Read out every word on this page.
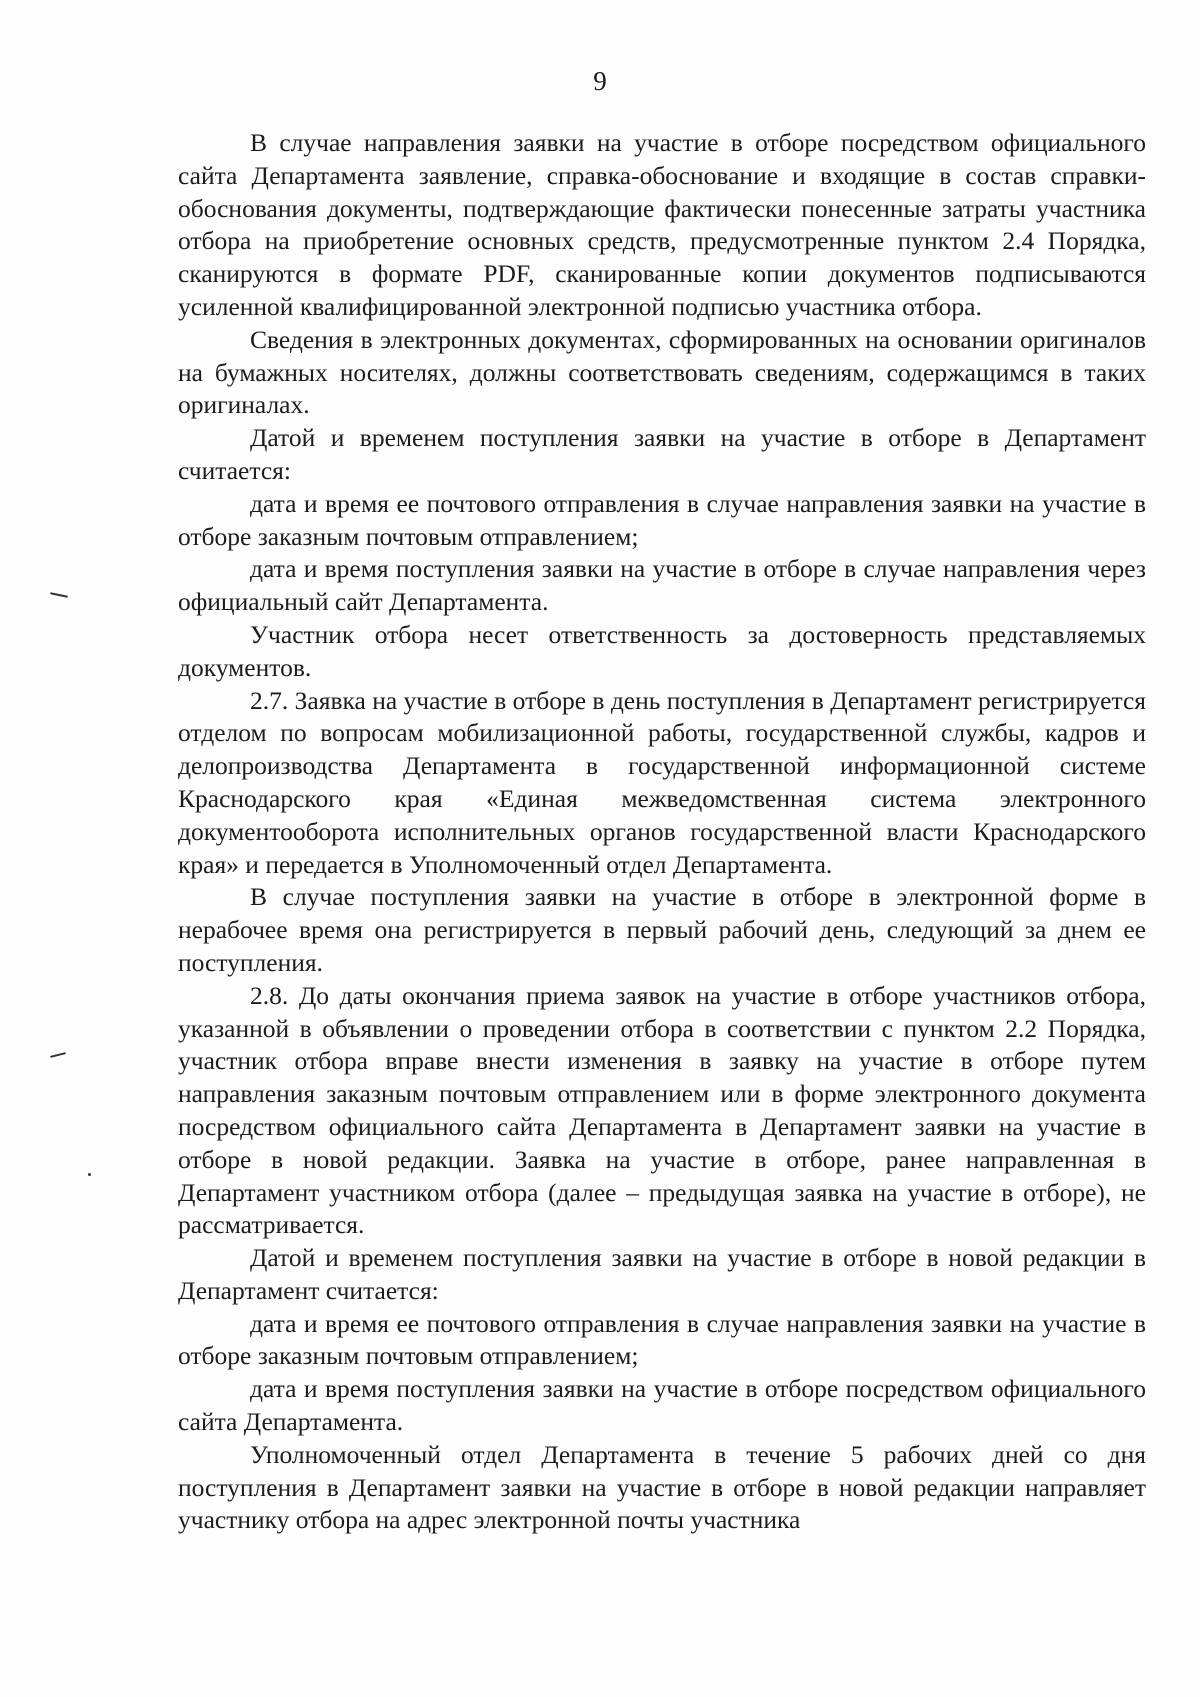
9

В случае направления заявки на участие в отборе посредством официального сайта Департамента заявление, справка-обоснование и входящие в состав справки-обоснования документы, подтверждающие фактически понесенные затраты участника отбора на приобретение основных средств, предусмотренные пунктом 2.4 Порядка, сканируются в формате PDF, сканированные копии документов подписываются усиленной квалифицированной электронной подписью участника отбора.

Сведения в электронных документах, сформированных на основании оригиналов на бумажных носителях, должны соответствовать сведениям, содержащимся в таких оригиналах.

Датой и временем поступления заявки на участие в отборе в Департамент считается:

дата и время ее почтового отправления в случае направления заявки на участие в отборе заказным почтовым отправлением;

дата и время поступления заявки на участие в отборе в случае направления через официальный сайт Департамента.

Участник отбора несет ответственность за достоверность представляемых документов.

2.7. Заявка на участие в отборе в день поступления в Департамент регистрируется отделом по вопросам мобилизационной работы, государственной службы, кадров и делопроизводства Департамента в государственной информационной системе Краснодарского края «Единая межведомственная система электронного документооборота исполнительных органов государственной власти Краснодарского края» и передается в Уполномоченный отдел Департамента.

В случае поступления заявки на участие в отборе в электронной форме в нерабочее время она регистрируется в первый рабочий день, следующий за днем ее поступления.

2.8. До даты окончания приема заявок на участие в отборе участников отбора, указанной в объявлении о проведении отбора в соответствии с пунктом 2.2 Порядка, участник отбора вправе внести изменения в заявку на участие в отборе путем направления заказным почтовым отправлением или в форме электронного документа посредством официального сайта Департамента в Департамент заявки на участие в отборе в новой редакции. Заявка на участие в отборе, ранее направленная в Департамент участником отбора (далее – предыдущая заявка на участие в отборе), не рассматривается.

Датой и временем поступления заявки на участие в отборе в новой редакции в Департамент считается:

дата и время ее почтового отправления в случае направления заявки на участие в отборе заказным почтовым отправлением;

дата и время поступления заявки на участие в отборе посредством официального сайта Департамента.

Уполномоченный отдел Департамента в течение 5 рабочих дней со дня поступления в Департамент заявки на участие в отборе в новой редакции направляет участнику отбора на адрес электронной почты участника
